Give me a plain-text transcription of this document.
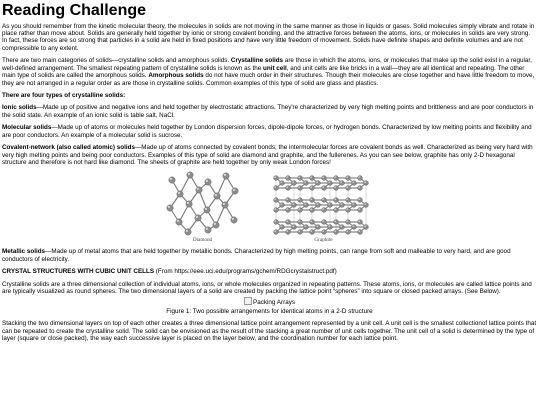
Reading Challenge

As you should remember from the kinetic molecular theory, the molecules in solids are not moving in the same manner as those in liquids or gases. Solid molecules simply vibrate and rotate in place rather than move about. Solids are generally held together by ionic or strong covalent bonding, and the attractive forces between the atoms, ions, or molecules in solids are very strong. In fact, these forces are so strong that particles in a solid are held in fixed positions and have very little freedom of movement. Solids have definite shapes and definite volumes and are not compressible to any extent.

There are two main categories of solids—crystalline solids and amorphous solids. Crystalline solids are those in which the atoms, ions, or molecules that make up the solid exist in a regular, well-defined arrangement. The smallest repeating pattern of crystalline solids is known as the unit cell, and unit cells are like bricks in a wall—they are all identical and repeating. The other main type of solids are called the amorphous solids. Amorphous solids do not have much order in their structures. Though their molecules are close together and have little freedom to move, they are not arranged in a regular order as are those in crystalline solids. Common examples of this type of solid are glass and plastics.

There are four types of crystalline solids:

Ionic solids—Made up of positive and negative ions and held together by electrostatic attractions. They're characterized by very high melting points and brittleness and are poor conductors in the solid state. An example of an ionic solid is table salt, NaCl.

Molecular solids—Made up of atoms or molecules held together by London dispersion forces, dipole-dipole forces, or hydrogen bonds. Characterized by low melting points and flexibility and are poor conductors. An example of a molecular solid is sucrose.

Covalent-network (also called atomic) solids—Made up of atoms connected by covalent bonds; the intermolecular forces are covalent bonds as well. Characterized as being very hard with very high melting points and being poor conductors. Examples of this type of solid are diamond and graphite, and the fullerenes. As you can see below, graphite has only 2-D hexagonal structure and therefore is not hard like diamond. The sheets of graphite are held together by only weak London forces!

Diamond	Graphite

Metallic solids—Made up of metal atoms that are held together by metallic bonds. Characterized by high melting points, can range from soft and malleable to very hard, and are good conductors of electricity.

CRYSTAL STRUCTURES WITH CUBIC UNIT CELLS (From https://eee.uci.edu/programs/gchem/RDGcrystalstruct.pdf)

Crystalline solids are a three dimensional collection of individual atoms, ions, or whole molecules organized in repeating patterns. These atoms, ions, or molecules are called lattice points and are typically visualized as round spheres. The two dimensional layers of a solid are created by packing the lattice point “spheres” into square or closed packed arrays. (See Below).

Packing Arrays
Figure 1: Two possible arrangements for identical atoms in a 2-D structure

Stacking the two dimensional layers on top of each other creates a three dimensional lattice point arrangement represented by a unit cell. A unit cell is the smallest collectionof lattice points that can be repeated to create the crystalline solid. The solid can be envisioned as the result of the stacking a great number of unit cells together. The unit cell of a solid is determined by the type of layer (square or close packed), the way each successive layer is placed on the layer below, and the coordination number for each lattice point.
